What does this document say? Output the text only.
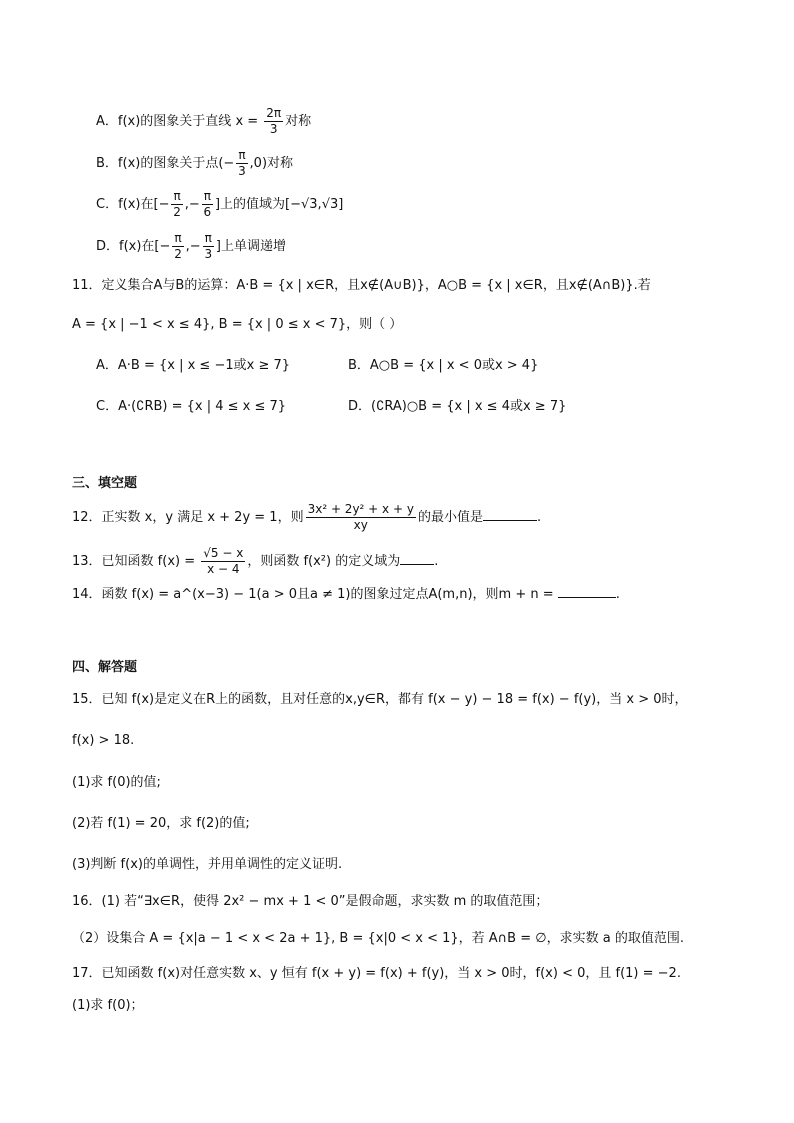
A．f(x)的图象关于直线 $x = \frac{2\pi}{3}$ 对称
B．f(x)的图象关于点(− $\frac{\pi}{3} ,0$)对称
C．f(x)在[− $\frac{\pi}{2}$ ,− $\frac{\pi}{6}$ ]上的值域为[−√3,√3]
D．f(x)在[− $\frac{\pi}{2}$ ,− $\frac{\pi}{3}$ ]上单调递增
11．定义集合A与B的运算：A·B = {x | x∈R，且x∉(A∪B)}，A○B = {x | x∈R，且x∉(A∩B)}.若
A = {x | −1 < x ≤ 4}, B = {x | 0 ≤ x < 7}，则（ ）
A．A·B = {x | x ≤ −1或x ≥ 7}	B．A○B = {x | x < 0或x > 4}
C．A·(∁RB) = {x | 4 ≤ x ≤ 7}	D．(∁RA)○B = {x | x ≤ 4或x ≥ 7}
三、填空题
12．正实数 x，y 满足 x + 2y = 1，则 $\frac{\text{3x² + 2y² + x + y}}{xy}$ 的最小值是	.
13．已知函数 $f(x) = \frac{√5 - x}{x - 4}$ ，则函数 f(x²) 的定义域为	.
14．函数 f(x) = a^(x−3) − 1(a > 0且a ≠ 1)的图象过定点A(m,n)，则m + n =	.
四、解答题
15．已知 f(x)是定义在R上的函数，且对任意的x,y∈R，都有 f(x − y) − 18 = f(x) − f(y)，当 x > 0时，
f(x) > 18.
(1)求 f(0)的值;
(2)若 f(1) = 20，求 f(2)的值;
(3)判断 f(x)的单调性，并用单调性的定义证明.
16．(1) 若“∃x∈R，使得 2x² − mx + 1 < 0”是假命题，求实数 m 的取值范围；
（2）设集合 A = {x|a − 1 < x < 2a + 1}, B = {x|0 < x < 1}，若 A∩B = ∅，求实数 a 的取值范围.
17．已知函数 f(x)对任意实数 x、y 恒有 f(x + y) = f(x) + f(y)，当 x > 0时，f(x) < 0，且 f(1) = −2.
(1)求 f(0)；
